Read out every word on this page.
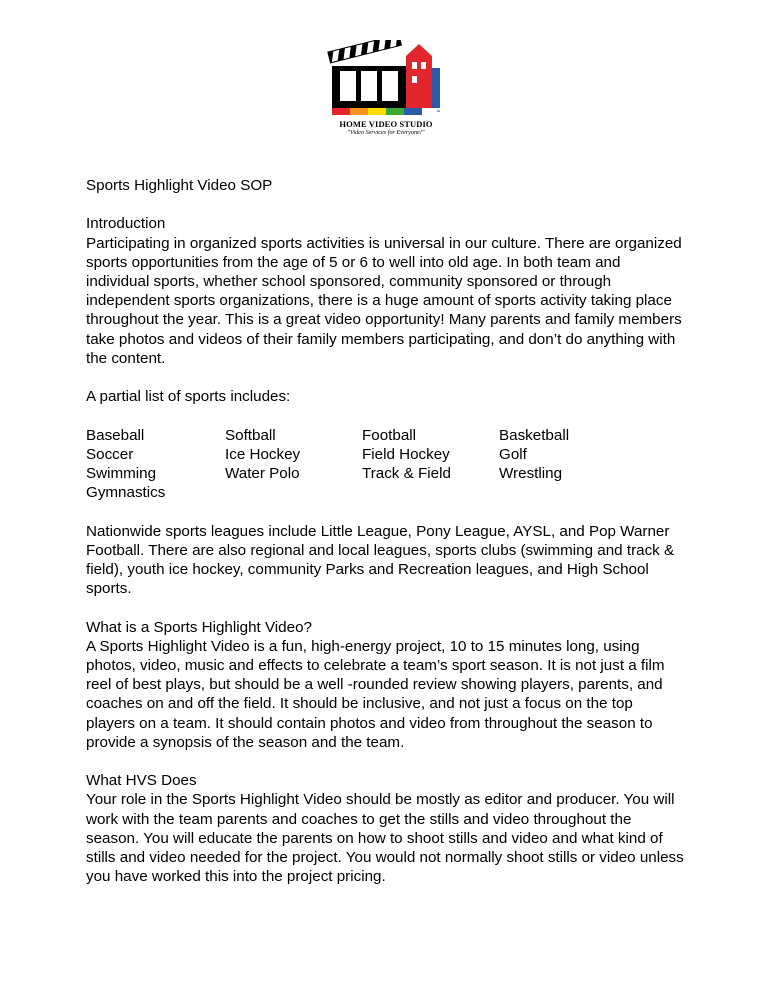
™
HOME VIDEO STUDIO
"Video Services for Everyone!"

Sports Highlight Video SOP

Introduction

Participating in organized sports activities is universal in our culture. There are organized sports opportunities from the age of 5 or 6 to well into old age. In both team and individual sports, whether school sponsored, community sponsored or through independent sports organizations, there is a huge amount of sports activity taking place throughout the year. This is a great video opportunity! Many parents and family members take photos and videos of their family members participating, and don’t do anything with the content.

A partial list of sports includes:

Baseball

Soccer

Swimming

Gymnastics

Softball

Ice Hockey

Water Polo

Football

Field Hockey

Track & Field

Basketball

Golf

Wrestling

Nationwide sports leagues include Little League, Pony League, AYSL, and Pop Warner Football. There are also regional and local leagues, sports clubs (swimming and track & field), youth ice hockey, community Parks and Recreation leagues, and High School sports.

What is a Sports Highlight Video?

A Sports Highlight Video is a fun, high-energy project, 10 to 15 minutes long, using photos, video, music and effects to celebrate a team’s sport season. It is not just a film reel of best plays, but should be a well -rounded review showing players, parents, and coaches on and off the field. It should be inclusive, and not just a focus on the top players on a team. It should contain photos and video from throughout the season to provide a synopsis of the season and the team.

What HVS Does

Your role in the Sports Highlight Video should be mostly as editor and producer. You will work with the team parents and coaches to get the stills and video throughout the season. You will educate the parents on how to shoot stills and video and what kind of stills and video needed for the project. You would not normally shoot stills or video unless you have worked this into the project pricing.
